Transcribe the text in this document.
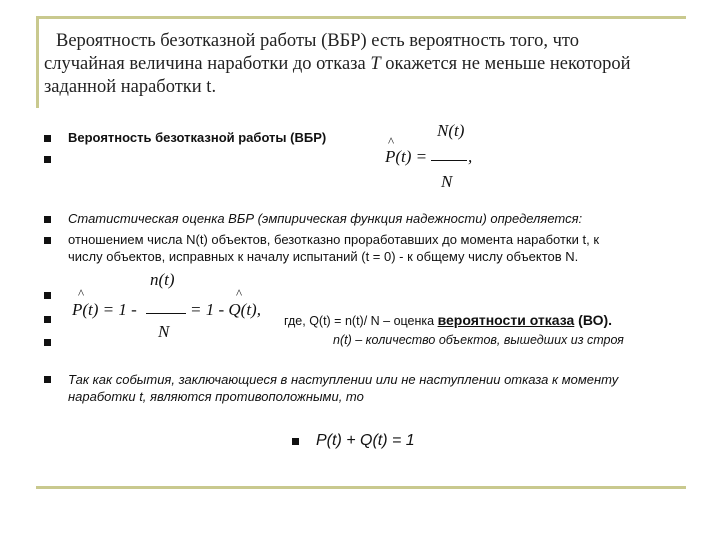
Вероятность безотказной работы (ВБР) есть вероятность того, что
случайная величина наработки до отказа T окажется не меньше некоторой
заданной наработки t.
Вероятность безотказной работы (ВБР)	^
P(t) =
N(t)
,
N
Статистическая оценка ВБР (эмпирическая функция надежности) определяется:
отношением числа N(t) объектов, безотказно проработавших до момента наработки t, к
числу объектов, исправных к началу испытаний (t = 0) - к общему числу объектов N.
^
P(t) = 1 -
n(t)
N
^
= 1 - Q(t),
где, Q(t) = n(t)/ N – оценка вероятности отказа (ВО).
n(t) – количество объектов, вышедших из строя
Так как события, заключающиеся в наступлении или не наступлении отказа к моменту
наработки t, являются противоположными, то
P(t) + Q(t) = 1
